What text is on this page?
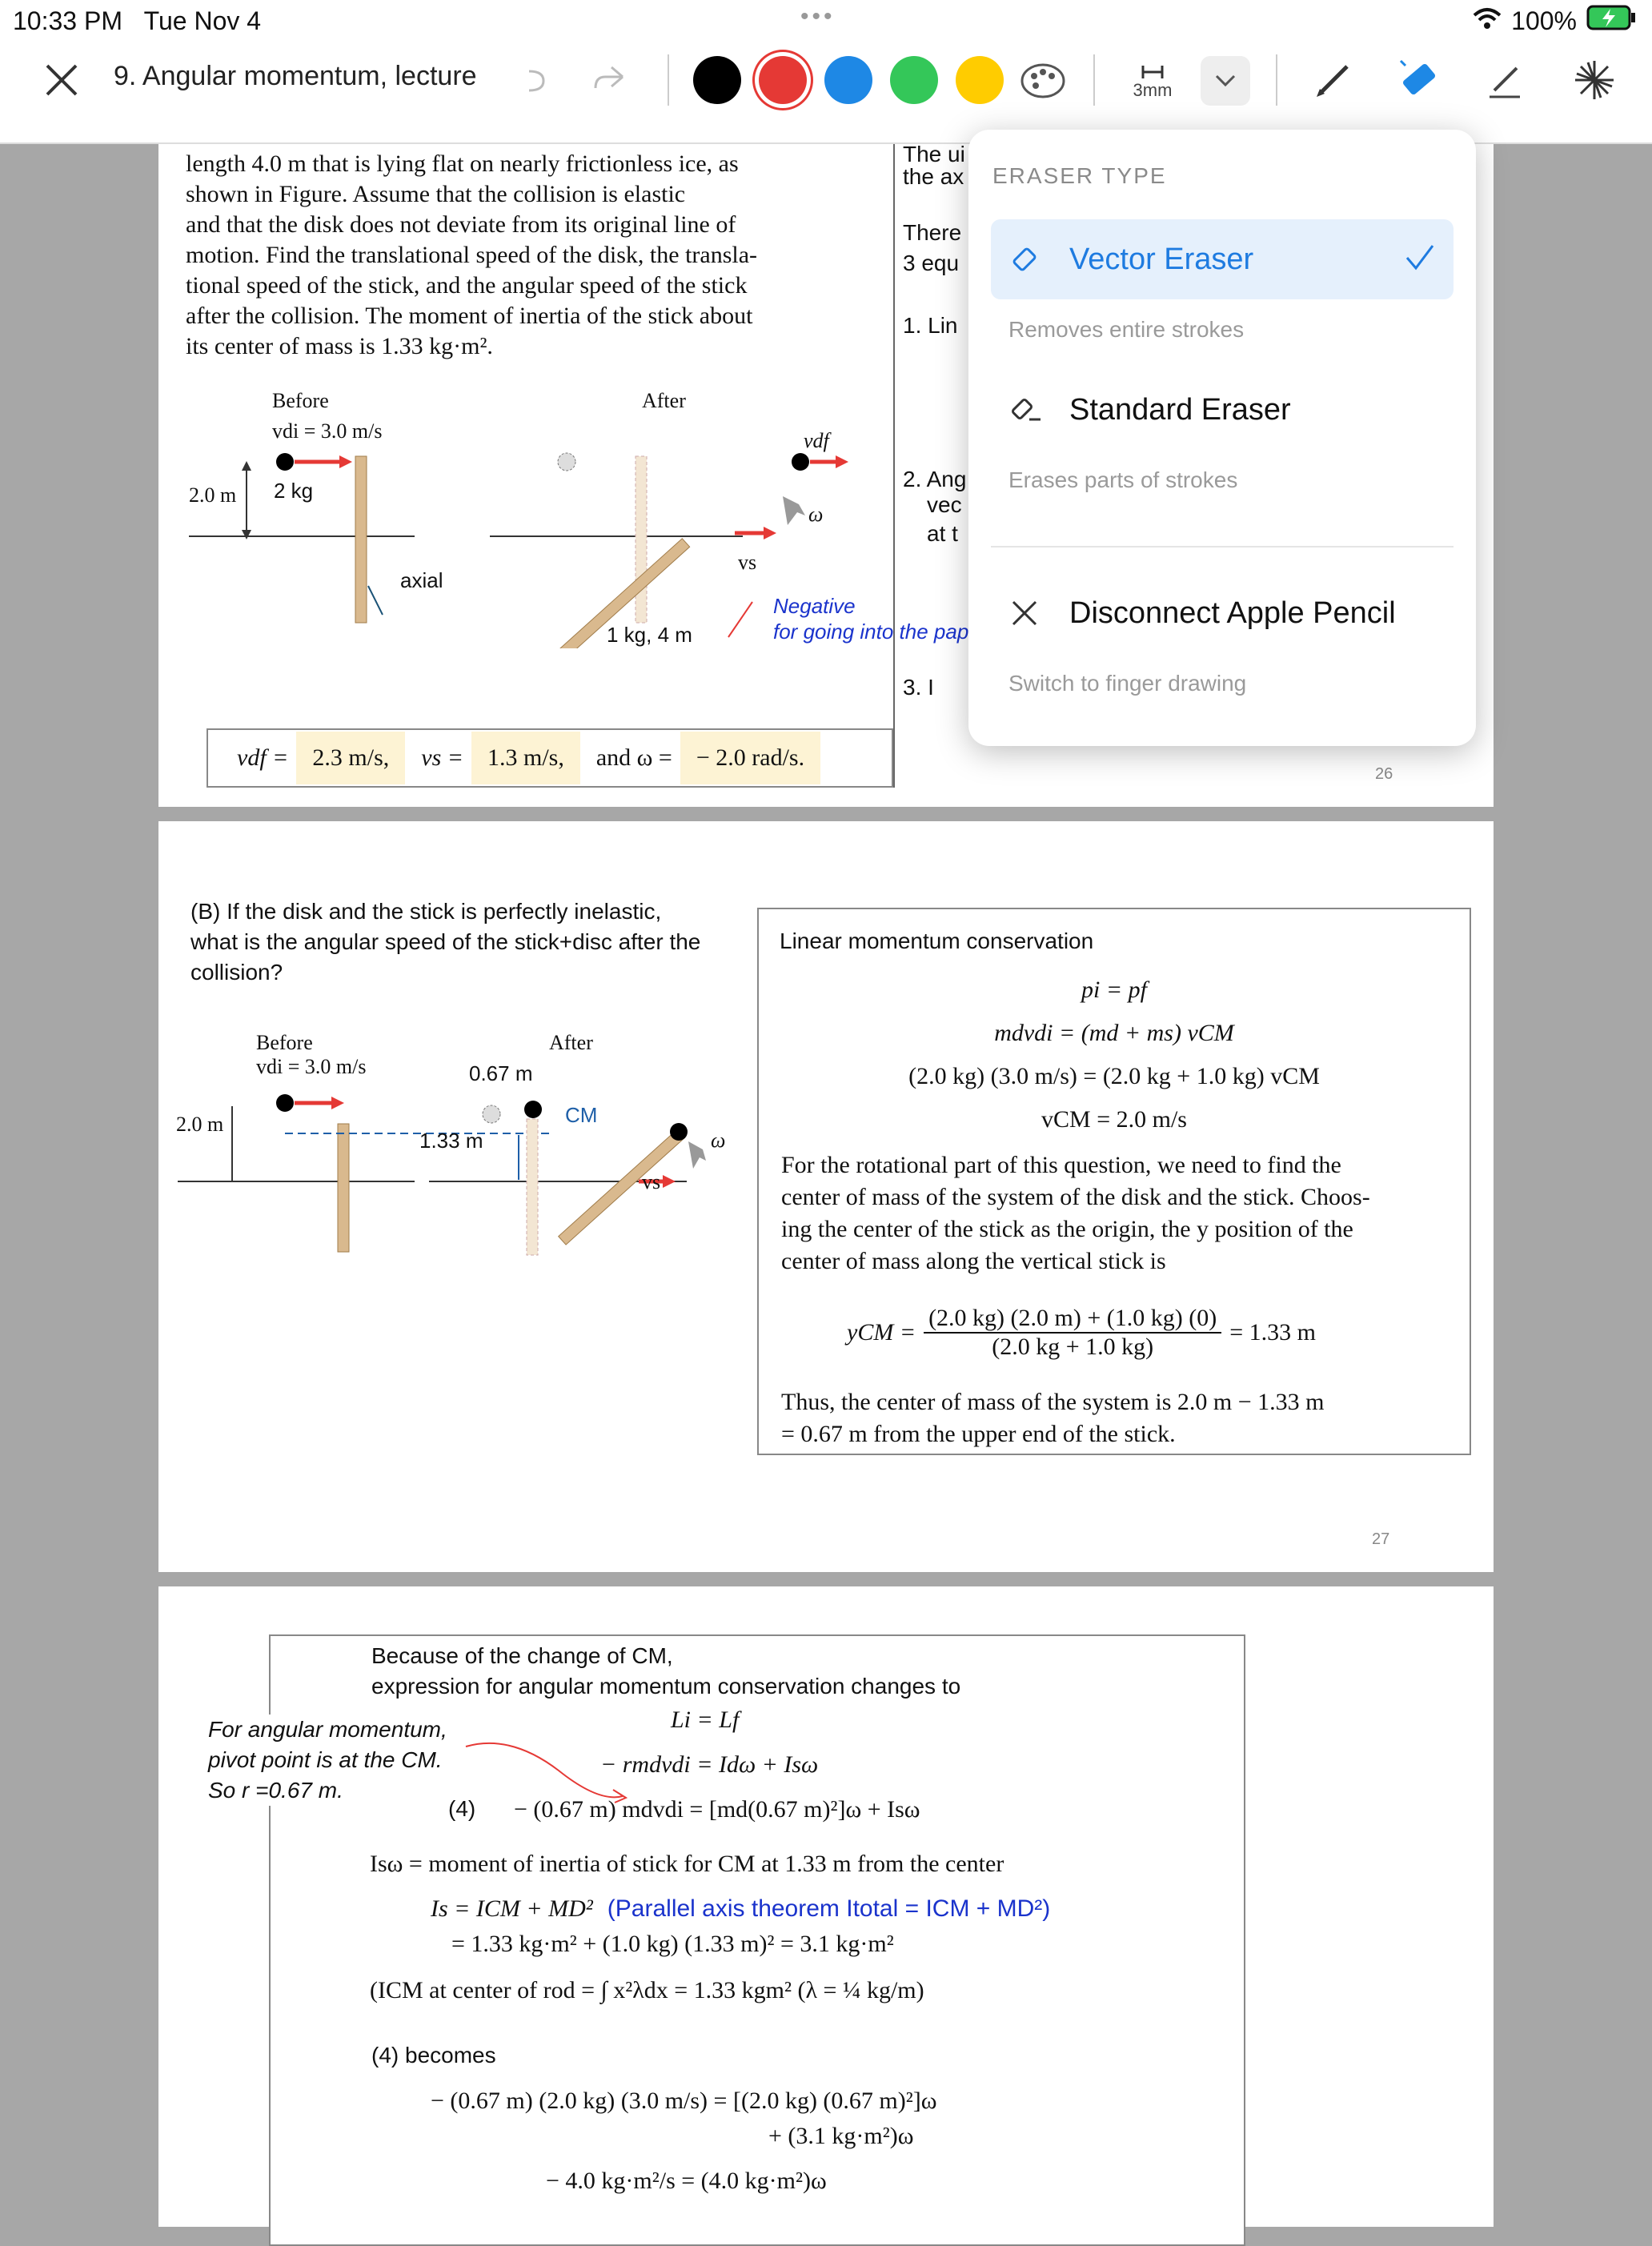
10:33 PM Tue Nov 4	•••	100%
9. Angular momentum, lecture	3mm
length 4.0 m that is lying flat on nearly frictionless ice, as
shown in Figure. Assume that the collision is elastic
and that the disk does not deviate from its original line of
motion. Find the translational speed of the disk, the transla-
tional speed of the stick, and the angular speed of the stick
after the collision. The moment of inertia of the stick about
its center of mass is 1.33 kg·m².
Before	After
vdi = 3.0 m/s	vdf
ω
vs
2.0 m 2 kg
axial
1 kg, 4 m
Negative
for going into the pap
vdf =	2.3 m/s,	vs =	1.3 m/s,	and ω =	− 2.0 rad/s.
The ui
the ax
There
3 equ
1. Lin
2. Ang
vec
at t
3. I
26
(B) If the disk and the stick is perfectly inelastic,
what is the angular speed of the stick+disc after the
collision?
Before	After
vdi = 3.0 m/s	0.67 m
CM
1.33 m
2.0 m
ω
vs
Linear momentum conservation
pi = pf
mdvdi = (md + ms) vCM
(2.0 kg) (3.0 m/s) = (2.0 kg + 1.0 kg) vCM
vCM = 2.0 m/s
For the rotational part of this question, we need to find the
center of mass of the system of the disk and the stick. Choos-
ing the center of the stick as the origin, the y position of the
center of mass along the vertical stick is
yCM = $\frac{(2.0 kg) (2.0 m) + (1.0 kg) (0)}{(2.0 kg + 1.0 kg)} = 1.33$ m
Thus, the center of mass of the system is 2.0 m − 1.33 m
= 0.67 m from the upper end of the stick.
27
Because of the change of CM,
expression for angular momentum conservation changes to
For angular momentum,
pivot point is at the CM.
So r =0.67 m.
Li = Lf
− rmdvdi = Idω + Isω
(4) − (0.67 m) mdvdi = [md(0.67 m)²]ω + Isω
Isω = moment of inertia of stick for CM at 1.33 m from the center
Is = ICM + MD² (Parallel axis theorem Itotal = ICM + MD²)
= 1.33 kg·m² + (1.0 kg) (1.33 m)² = 3.1 kg·m²
(ICM at center of rod = ∫ x²λdx = 1.33 kgm² (λ = ¼ kg/m)
(4) becomes
− (0.67 m) (2.0 kg) (3.0 m/s) = [(2.0 kg) (0.67 m)²]ω
+ (3.1 kg·m²)ω
− 4.0 kg·m²/s = (4.0 kg·m²)ω
ERASER TYPE
Vector Eraser
Removes entire strokes
Standard Eraser
Erases parts of strokes
Disconnect Apple Pencil
Switch to finger drawing
